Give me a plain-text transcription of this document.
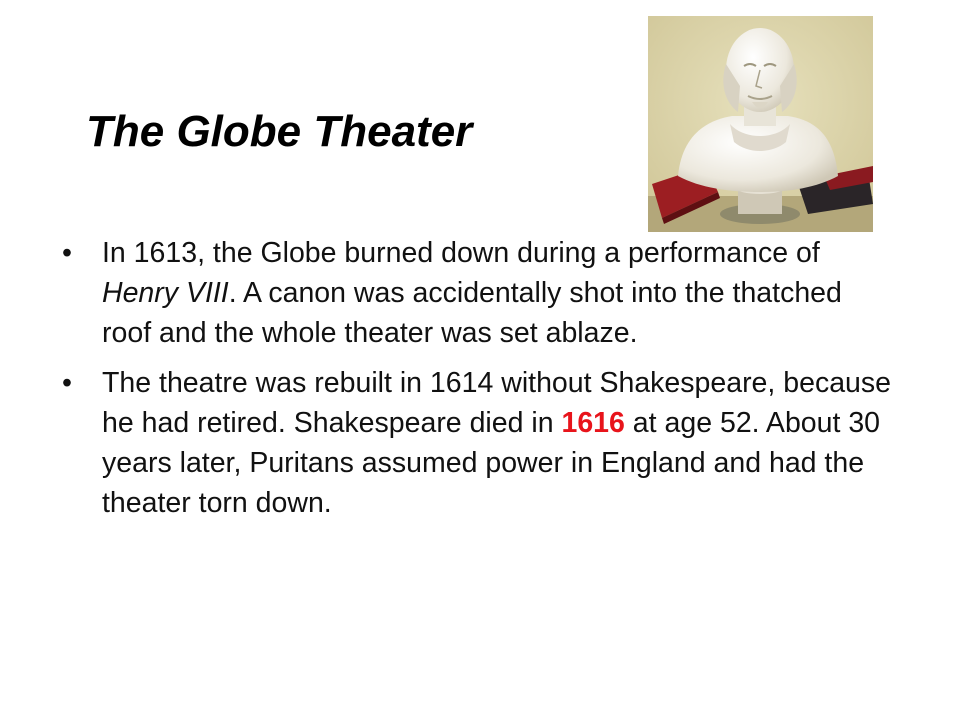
The Globe Theater
•	In 1613, the Globe burned down during a performance of Henry VIII. A canon was accidentally shot into the thatched roof and the whole theater was set ablaze.
•	The theatre was rebuilt in 1614 without Shakespeare, because he had retired. Shakespeare died in 1616 at age 52. About 30 years later, Puritans assumed power in England and had the theater torn down.
